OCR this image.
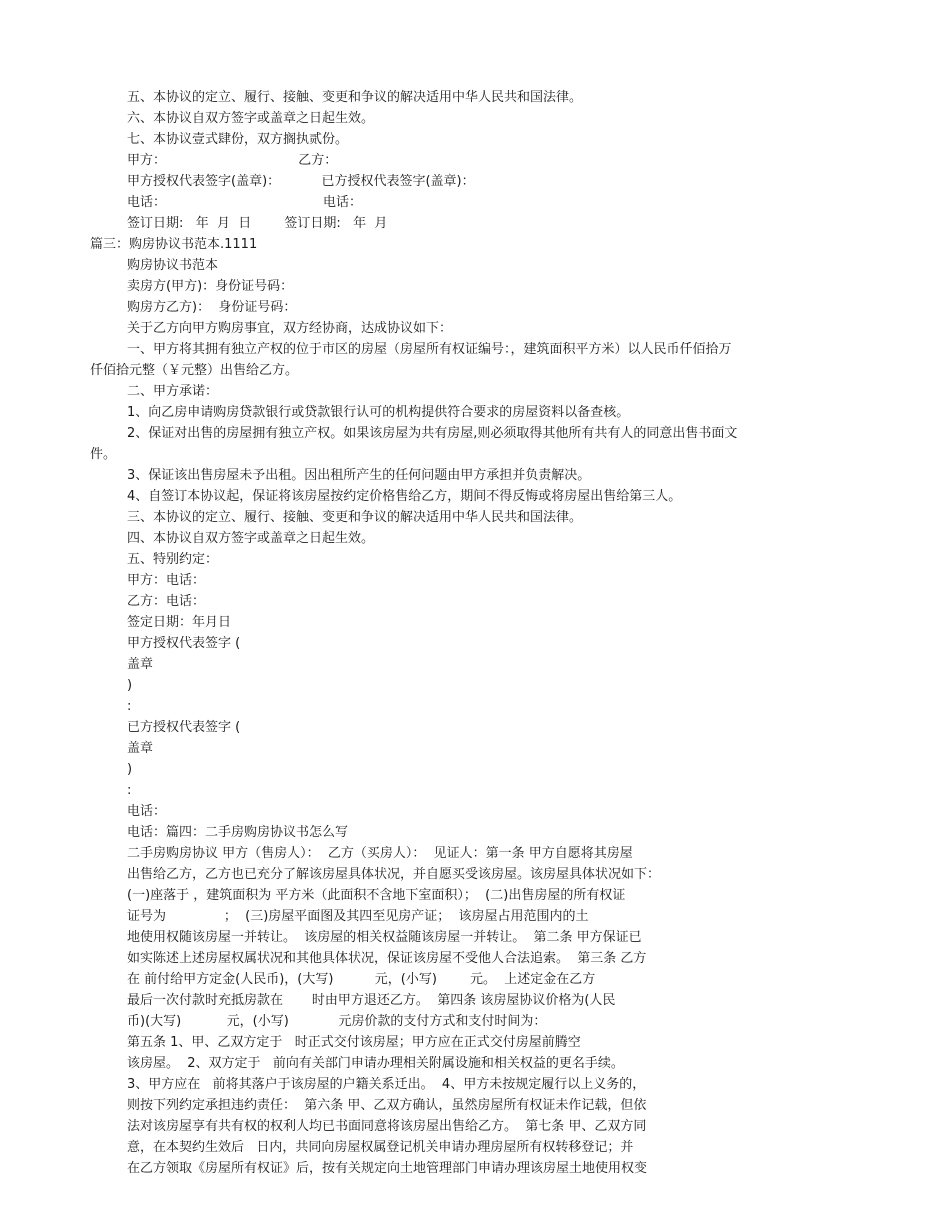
五、本协议的定立、履行、接触、变更和争议的解决适用中华人民共和国法律。
六、本协议自双方签字或盖章之日起生效。
七、本协议壹式肆份，双方搁执贰份。
甲方：                                乙方：
甲方授权代表签字(盖章)：          已方授权代表签字(盖章)：
电话：                                      电话：
签订日期:   年  月  日        签订日期:   年  月
篇三：购房协议书范本.1111
购房协议书范本
卖房方(甲方)：身份证号码：
购房方乙方)：  身份证号码：
关于乙方向甲方购房事宜，双方经协商，达成协议如下：
一、甲方将其拥有独立产权的位于市区的房屋（房屋所有权证编号：，建筑面积平方米）以人民币仟佰拾万
仟佰拾元整（￥元整）出售给乙方。
二、甲方承诺：
1、向乙房申请购房贷款银行或贷款银行认可的机构提供符合要求的房屋资料以备查核。
2、保证对出售的房屋拥有独立产权。如果该房屋为共有房屋,则必须取得其他所有共有人的同意出售书面文
件。
3、保证该出售房屋未予出租。因出租所产生的任何问题由甲方承担并负责解决。
4、自签订本协议起，保证将该房屋按约定价格售给乙方，期间不得反悔或将房屋出售给第三人。
三、本协议的定立、履行、接触、变更和争议的解决适用中华人民共和国法律。
四、本协议自双方签字或盖章之日起生效。
五、特别约定：
甲方：电话：
乙方：电话：
签定日期：年月日
甲方授权代表签字 (
盖章
)
:
已方授权代表签字 (
盖章
)
:
电话：
电话：篇四：二手房购房协议书怎么写
二手房购房协议 甲方（售房人）：  乙方（买房人）：  见证人：第一条 甲方自愿将其房屋
出售给乙方，乙方也已充分了解该房屋具体状况，并自愿买受该房屋。该房屋具体状况如下：
(一)座落于 ，建筑面积为 平方米（此面积不含地下室面积）；  (二)出售房屋的所有权证
证号为              ；  (三)房屋平面图及其四至见房产证；  该房屋占用范围内的土
地使用权随该房屋一并转让。  该房屋的相关权益随该房屋一并转让。  第二条 甲方保证已
如实陈述上述房屋权属状况和其他具体状况，保证该房屋不受他人合法追索。  第三条 乙方
在 前付给甲方定金(人民币)，(大写)          元，(小写)        元。  上述定金在乙方
最后一次付款时充抵房款在       时由甲方退还乙方。  第四条 该房屋协议价格为(人民
币)(大写)           元，(小写)            元房价款的支付方式和支付时间为：
第五条 1、甲、乙双方定于   时正式交付该房屋；甲方应在正式交付房屋前腾空
该房屋。  2、双方定于   前向有关部门申请办理相关附属设施和相关权益的更名手续。
3、甲方应在   前将其落户于该房屋的户籍关系迁出。  4、甲方未按规定履行以上义务的，
则按下列约定承担违约责任：  第六条 甲、乙双方确认，虽然房屋所有权证未作记载，但依
法对该房屋享有共有权的权利人均已书面同意将该房屋出售给乙方。  第七条 甲、乙双方同
意，在本契约生效后   日内，共同向房屋权属登记机关申请办理房屋所有权转移登记；并
在乙方领取《房屋所有权证》后，按有关规定向土地管理部门申请办理该房屋土地使用权变
